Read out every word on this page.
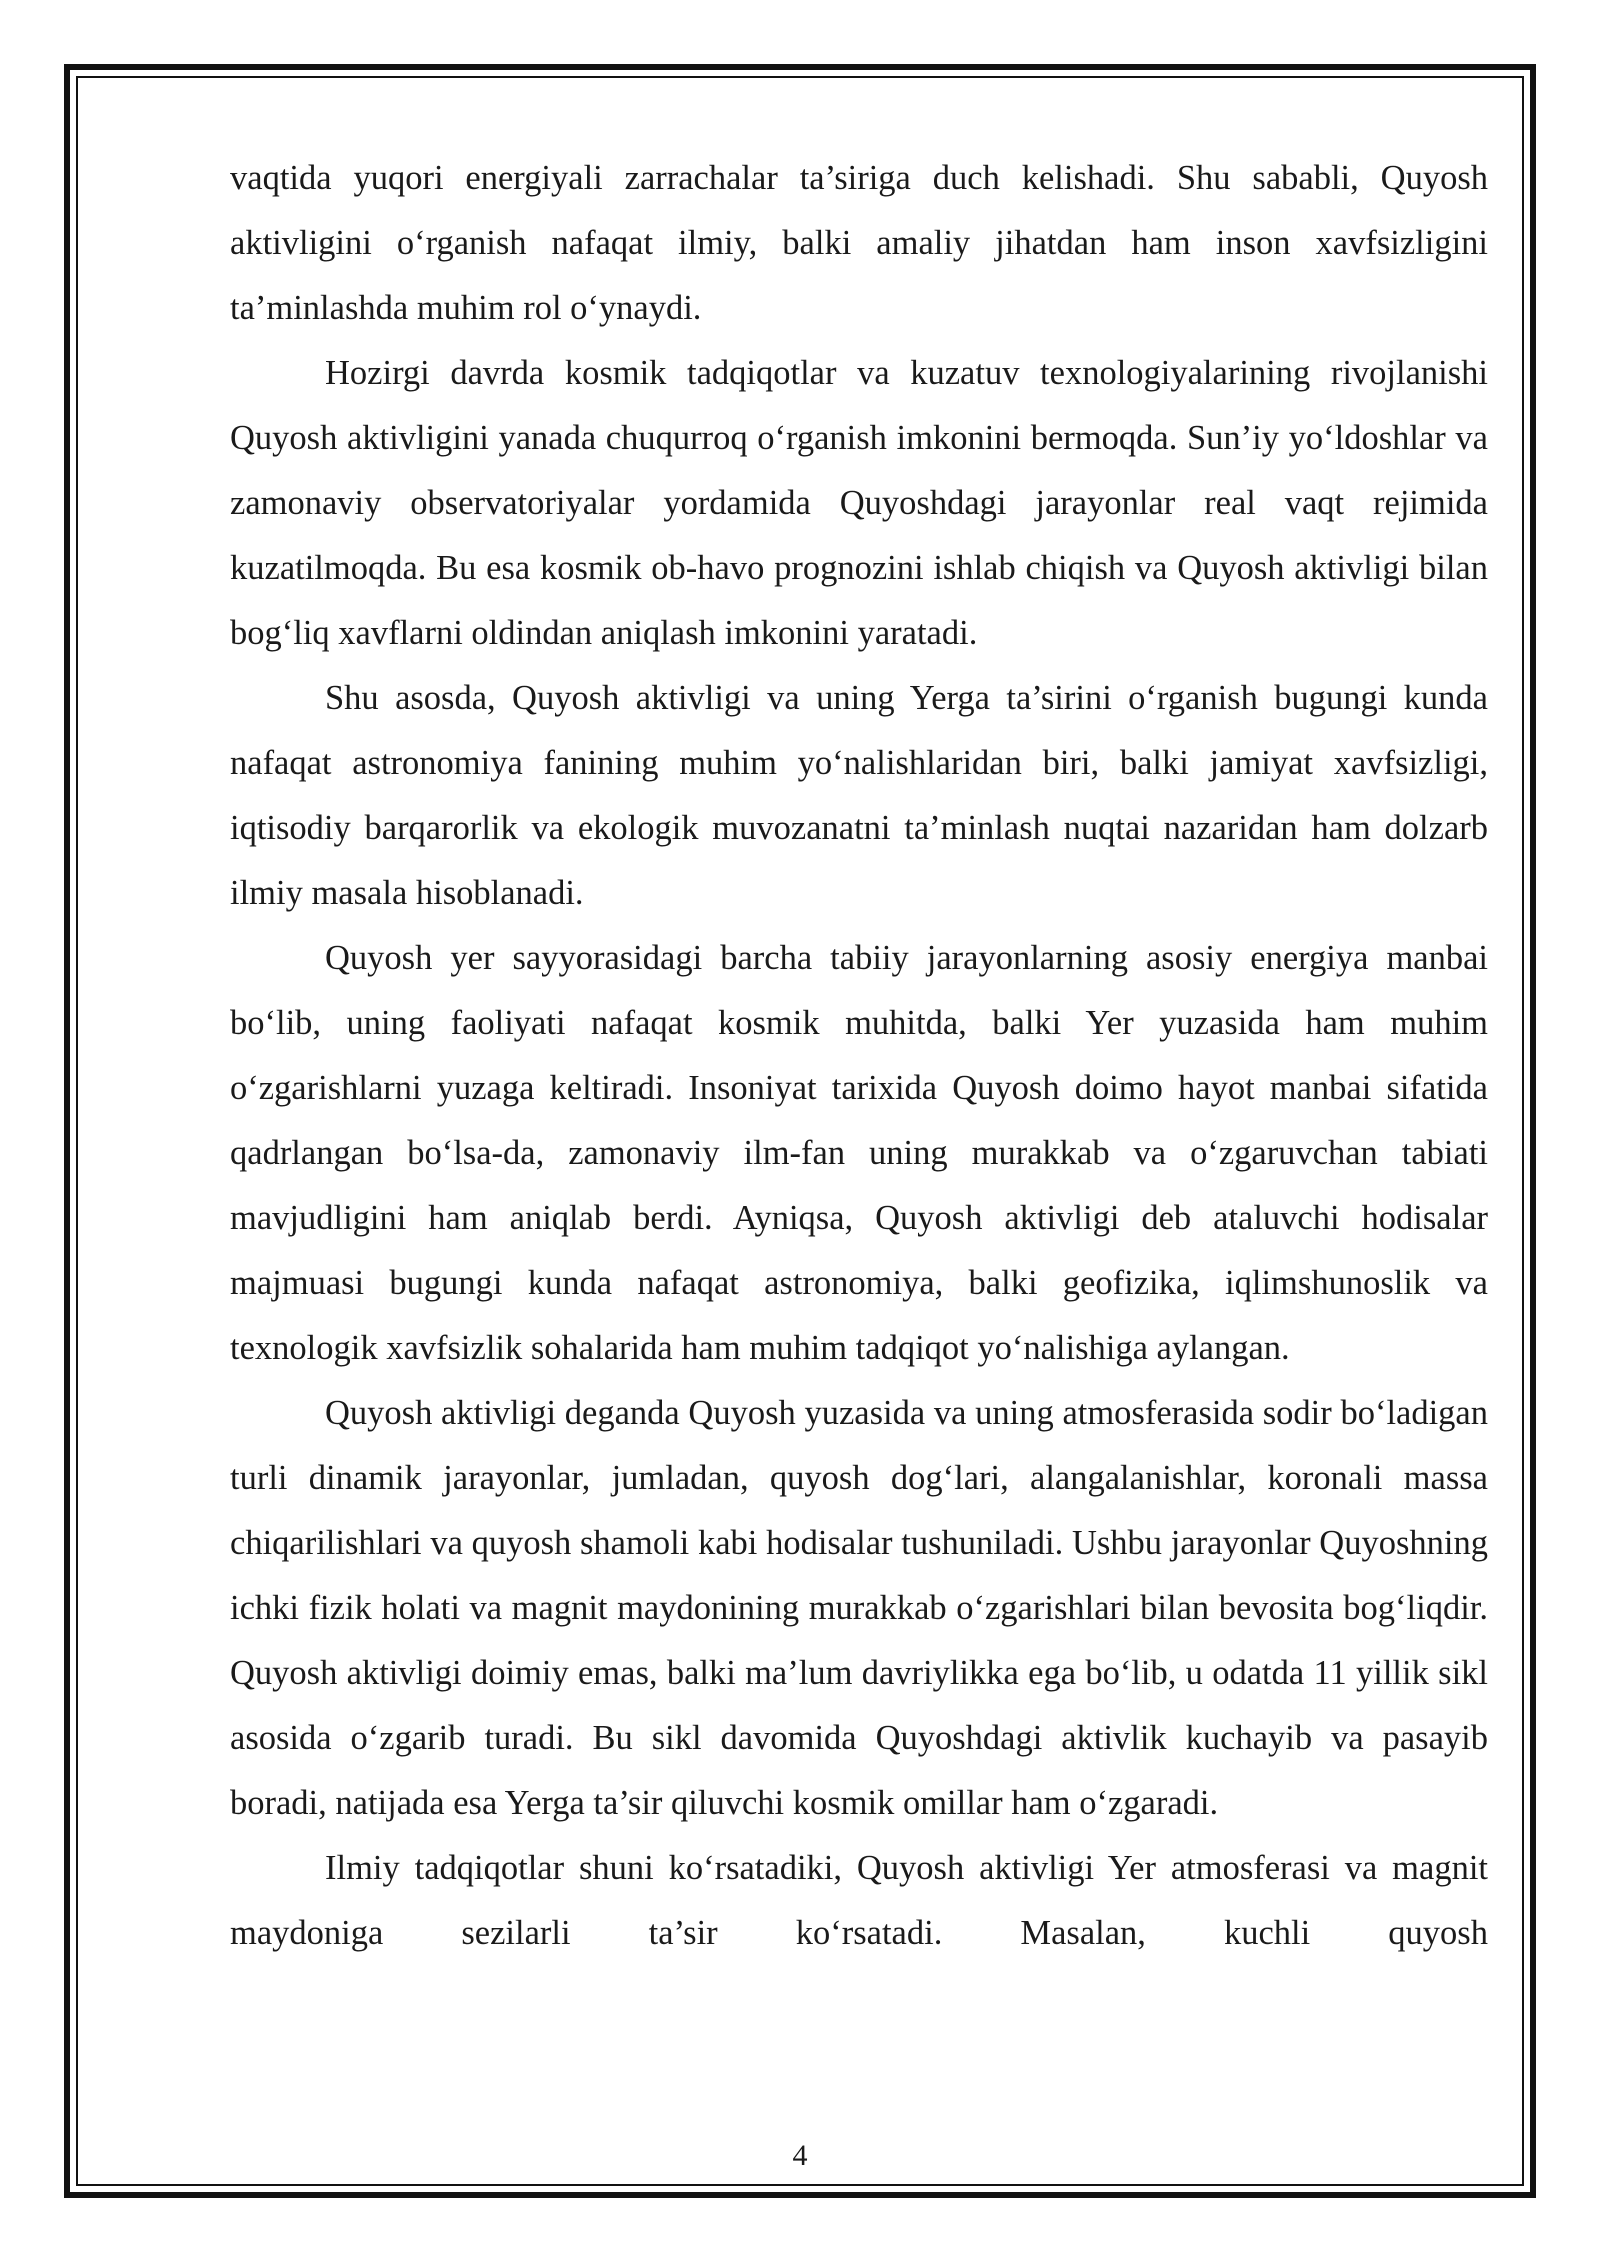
vaqtida yuqori energiyali zarrachalar ta’siriga duch kelishadi. Shu sababli, Quyosh aktivligini o‘rganish nafaqat ilmiy, balki amaliy jihatdan ham inson xavfsizligini ta’minlashda muhim rol o‘ynaydi.

Hozirgi davrda kosmik tadqiqotlar va kuzatuv texnologiyalarining rivojlanishi Quyosh aktivligini yanada chuqurroq o‘rganish imkonini bermoqda. Sun’iy yo‘ldoshlar va zamonaviy observatoriyalar yordamida Quyoshdagi jarayonlar real vaqt rejimida kuzatilmoqda. Bu esa kosmik ob-havo prognozini ishlab chiqish va Quyosh aktivligi bilan bog‘liq xavflarni oldindan aniqlash imkonini yaratadi.

Shu asosda, Quyosh aktivligi va uning Yerga ta’sirini o‘rganish bugungi kunda nafaqat astronomiya fanining muhim yo‘nalishlaridan biri, balki jamiyat xavfsizligi, iqtisodiy barqarorlik va ekologik muvozanatni ta’minlash nuqtai nazaridan ham dolzarb ilmiy masala hisoblanadi.

Quyosh yer sayyorasidagi barcha tabiiy jarayonlarning asosiy energiya manbai bo‘lib, uning faoliyati nafaqat kosmik muhitda, balki Yer yuzasida ham muhim o‘zgarishlarni yuzaga keltiradi. Insoniyat tarixida Quyosh doimo hayot manbai sifatida qadrlangan bo‘lsa-da, zamonaviy ilm-fan uning murakkab va o‘zgaruvchan tabiati mavjudligini ham aniqlab berdi. Ayniqsa, Quyosh aktivligi deb ataluvchi hodisalar majmuasi bugungi kunda nafaqat astronomiya, balki geofizika, iqlimshunoslik va texnologik xavfsizlik sohalarida ham muhim tadqiqot yo‘nalishiga aylangan.

Quyosh aktivligi deganda Quyosh yuzasida va uning atmosferasida sodir bo‘ladigan turli dinamik jarayonlar, jumladan, quyosh dog‘lari, alangalanishlar, koronali massa chiqarilishlari va quyosh shamoli kabi hodisalar tushuniladi. Ushbu jarayonlar Quyoshning ichki fizik holati va magnit maydonining murakkab o‘zgarishlari bilan bevosita bog‘liqdir. Quyosh aktivligi doimiy emas, balki ma’lum davriylikka ega bo‘lib, u odatda 11 yillik sikl asosida o‘zgarib turadi. Bu sikl davomida Quyoshdagi aktivlik kuchayib va pasayib boradi, natijada esa Yerga ta’sir qiluvchi kosmik omillar ham o‘zgaradi.

Ilmiy tadqiqotlar shuni ko‘rsatadiki, Quyosh aktivligi Yer atmosferasi va magnit maydoniga sezilarli ta’sir ko‘rsatadi. Masalan, kuchli quyosh

4
